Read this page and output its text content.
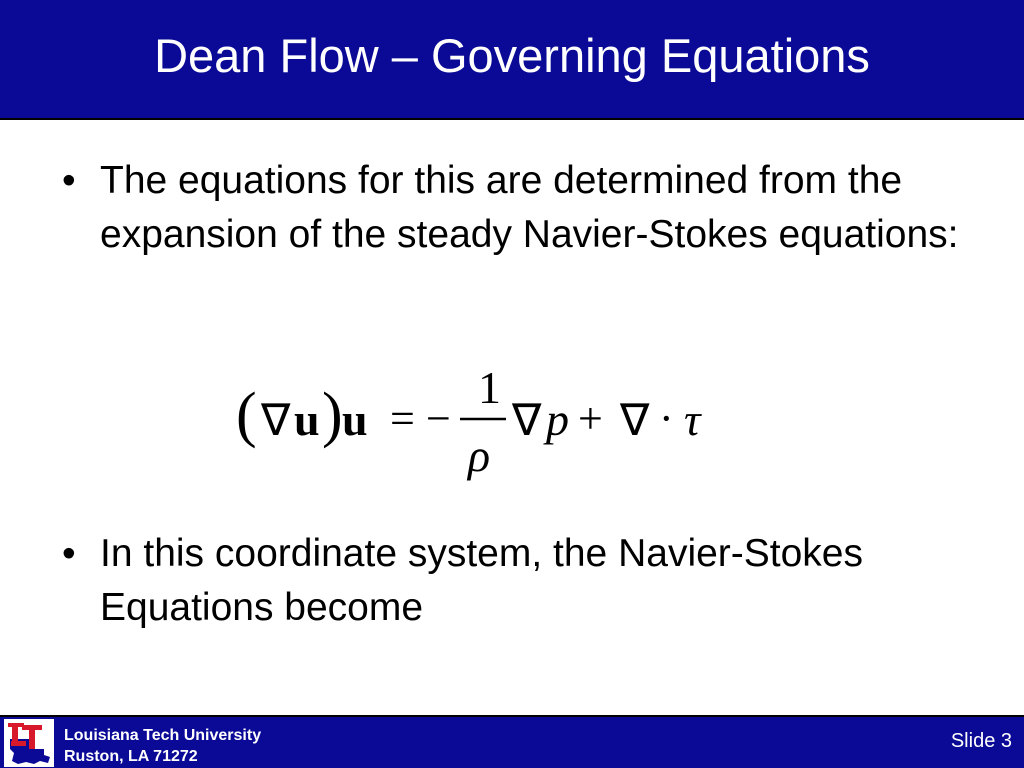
Dean Flow – Governing Equations
• The equations for this are determined from the expansion of the steady Navier-Stokes equations:
( ∇ u ) u = −
1
ρ
∇ p + ∇ · τ
• In this coordinate system, the Navier-Stokes Equations become
Louisiana Tech University
Ruston, LA 71272
Slide 3
